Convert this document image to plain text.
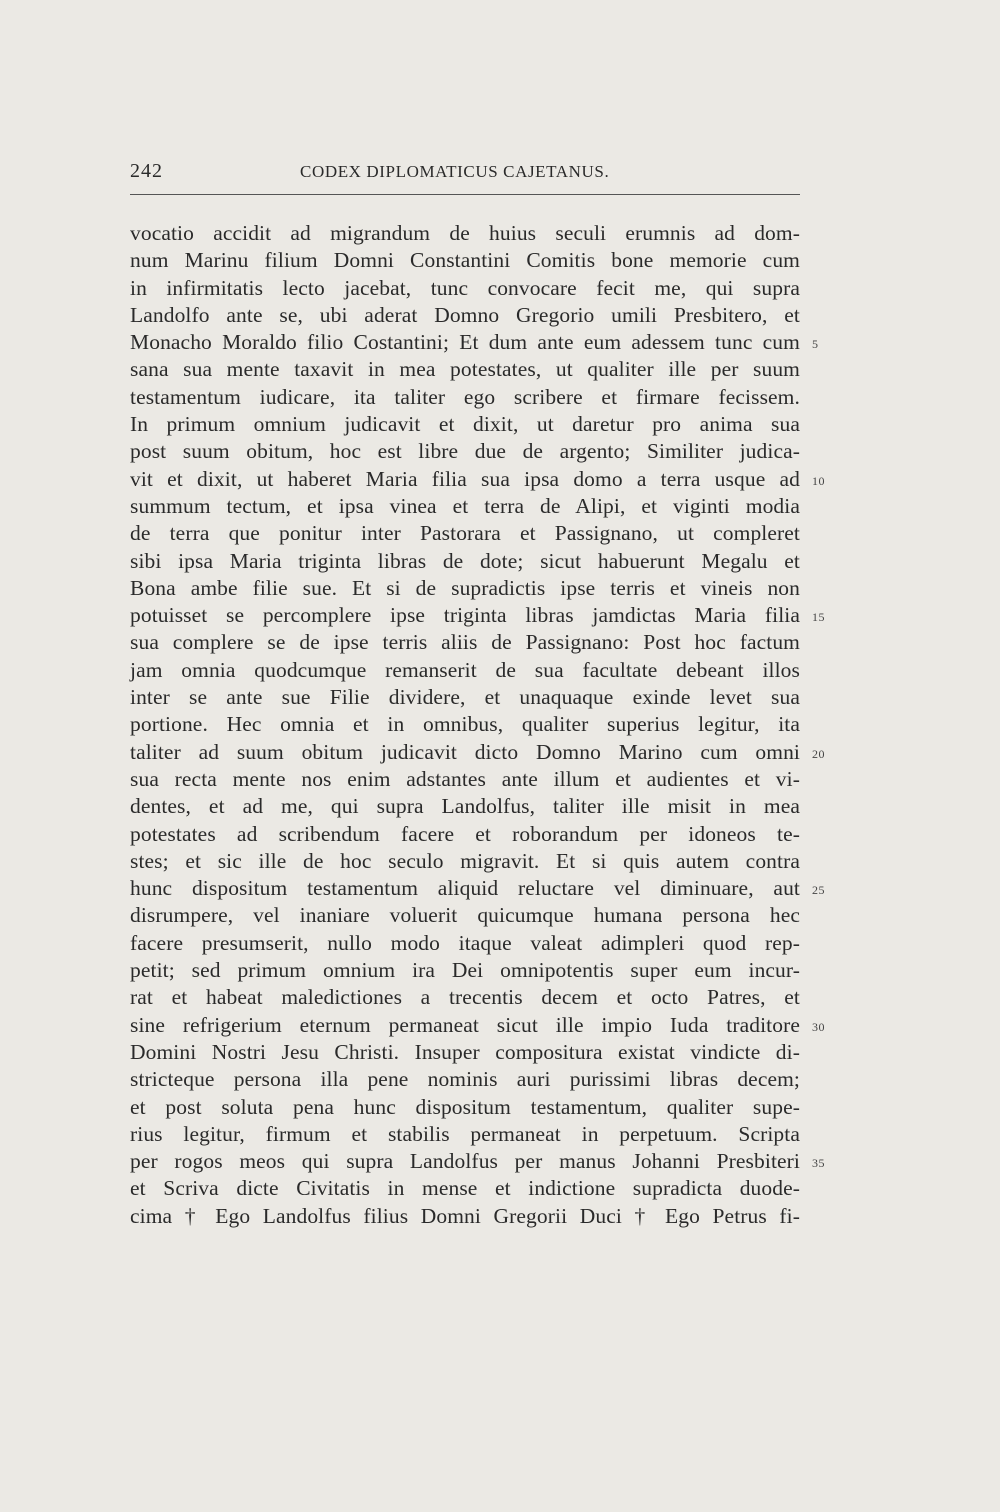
242	CODEX DIPLOMATICUS CAJETANUS.
vocatio accidit ad migrandum de huius seculi erumnis ad dom-
num Marinu filium Domni Constantini Comitis bone memorie cum
in infirmitatis lecto jacebat, tunc convocare fecit me, qui supra
Landolfo ante se, ubi aderat Domno Gregorio umili Presbitero, et
Monacho Moraldo filio Costantini; Et dum ante eum adessem tunc cum
sana sua mente taxavit in mea potestates, ut qualiter ille per suum
testamentum iudicare, ita taliter ego scribere et firmare fecissem.
In primum omnium judicavit et dixit, ut daretur pro anima sua
post suum obitum, hoc est libre due de argento; Similiter judica-
vit et dixit, ut haberet Maria filia sua ipsa domo a terra usque ad
summum tectum, et ipsa vinea et terra de Alipi, et viginti modia
de terra que ponitur inter Pastorara et Passignano, ut compleret
sibi ipsa Maria triginta libras de dote; sicut habuerunt Megalu et
Bona ambe filie sue. Et si de supradictis ipse terris et vineis non
potuisset se percomplere ipse triginta libras jamdictas Maria filia
sua complere se de ipse terris aliis de Passignano: Post hoc factum
jam omnia quodcumque remanserit de sua facultate debeant illos
inter se ante sue Filie dividere, et unaquaque exinde levet sua
portione. Hec omnia et in omnibus, qualiter superius legitur, ita
taliter ad suum obitum judicavit dicto Domno Marino cum omni
sua recta mente nos enim adstantes ante illum et audientes et vi-
dentes, et ad me, qui supra Landolfus, taliter ille misit in mea
potestates ad scribendum facere et roborandum per idoneos te-
stes; et sic ille de hoc seculo migravit. Et si quis autem contra
hunc dispositum testamentum aliquid reluctare vel diminuare, aut
disrumpere, vel inaniare voluerit quicumque humana persona hec
facere presumserit, nullo modo itaque valeat adimpleri quod rep-
petit; sed primum omnium ira Dei omnipotentis super eum incur-
rat et habeat maledictiones a trecentis decem et octo Patres, et
sine refrigerium eternum permaneat sicut ille impio Iuda traditore
Domini Nostri Jesu Christi. Insuper compositura existat vindicte di-
stricteque persona illa pene nominis auri purissimi libras decem;
et post soluta pena hunc dispositum testamentum, qualiter supe-
rius legitur, firmum et stabilis permaneat in perpetuum. Scripta
per rogos meos qui supra Landolfus per manus Johanni Presbiteri
et Scriva dicte Civitatis in mense et indictione supradicta duode-
cima † Ego Landolfus filius Domni Gregorii Duci † Ego Petrus fi-
5
10
15
20
25
30
35
